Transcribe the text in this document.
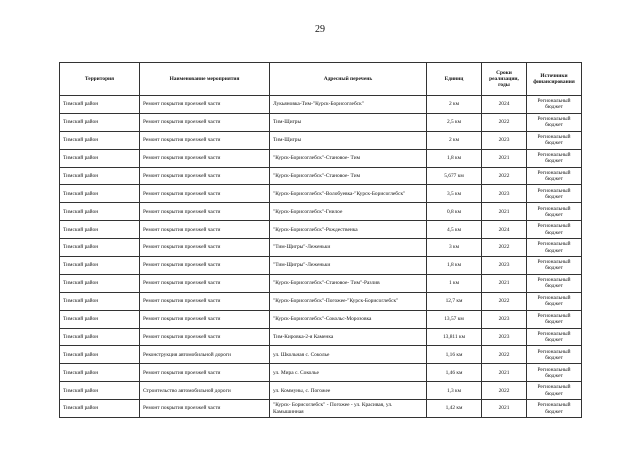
29
Территория	Наименование мероприятия	Адресный перечень	Единиц	Сроки реализации, годы	Источники финансирования
Тимский район	Ремонт покрытия проезжей части	Лукьяновка-Тим-"Курск-Борисоглебск"	2 км	2024	Региональный бюджет
Тимский район	Ремонт покрытия проезжей части	Тим-Щигры	2,5 км	2022	Региональный бюджет
Тимский район	Ремонт покрытия проезжей части	Тим-Щигры	2 км	2023	Региональный бюджет
Тимский район	Ремонт покрытия проезжей части	"Курск-Борисоглебск"-Становое- Тим	1,8 км	2021	Региональный бюджет
Тимский район	Ремонт покрытия проезжей части	"Курск-Борисоглебск"-Становое- Тим	5,677 км	2022	Региональный бюджет
Тимский район	Ремонт покрытия проезжей части	"Курск-Борисоглебск"-Волобуевка-"Курск-Борисоглебск"	3,5 км	2023	Региональный бюджет
Тимский район	Ремонт покрытия проезжей части	"Курск-Борисоглебск"-Гнилое	0,8 км	2021	Региональный бюджет
Тимский район	Ремонт покрытия проезжей части	"Курск-Борисоглебск"-Рождественка	4,5 км	2024	Региональный бюджет
Тимский район	Ремонт покрытия проезжей части	"Тим-Щигры"-Леженьки	3 км	2022	Региональный бюджет
Тимский район	Ремонт покрытия проезжей части	"Тим-Щигры"-Леженьки	1,8 км	2023	Региональный бюджет
Тимский район	Ремонт покрытия проезжей части	"Курск-Борисоглебск"-Становое- Тим"-Разлив	1 км	2021	Региональный бюджет
Тимский район	Ремонт покрытия проезжей части	"Курск-Борисоглебск"-Погожее-"Курск-Борисоглебск"	12,7 км	2022	Региональный бюджет
Тимский район	Ремонт покрытия проезжей части	"Курск-Борисоглебск"-Сокольс-Морозовка	13,57 км	2023	Региональный бюджет
Тимский район	Ремонт покрытия проезжей части	Тим-Кировка-2-я Каменка	13,811 км	2023	Региональный бюджет
Тимский район	Реконструкция автомобильной дороги	ул. Школьная с. Соколье	1,16 км	2022	Региональный бюджет
Тимский район	Ремонт покрытия проезжей части	ул. Мира с. Соколье	1,46 км	2021	Региональный бюджет
Тимский район	Строительство автомобильной дороги	ул. Коммуны, с. Погожее	1,3 км	2022	Региональный бюджет
Тимский район	Ремонт покрытия проезжей части	"Курск- Борисоглебск" - Погожее - ул. Красивая, ул. Камышинная	1,42 км	2021	Региональный бюджет
